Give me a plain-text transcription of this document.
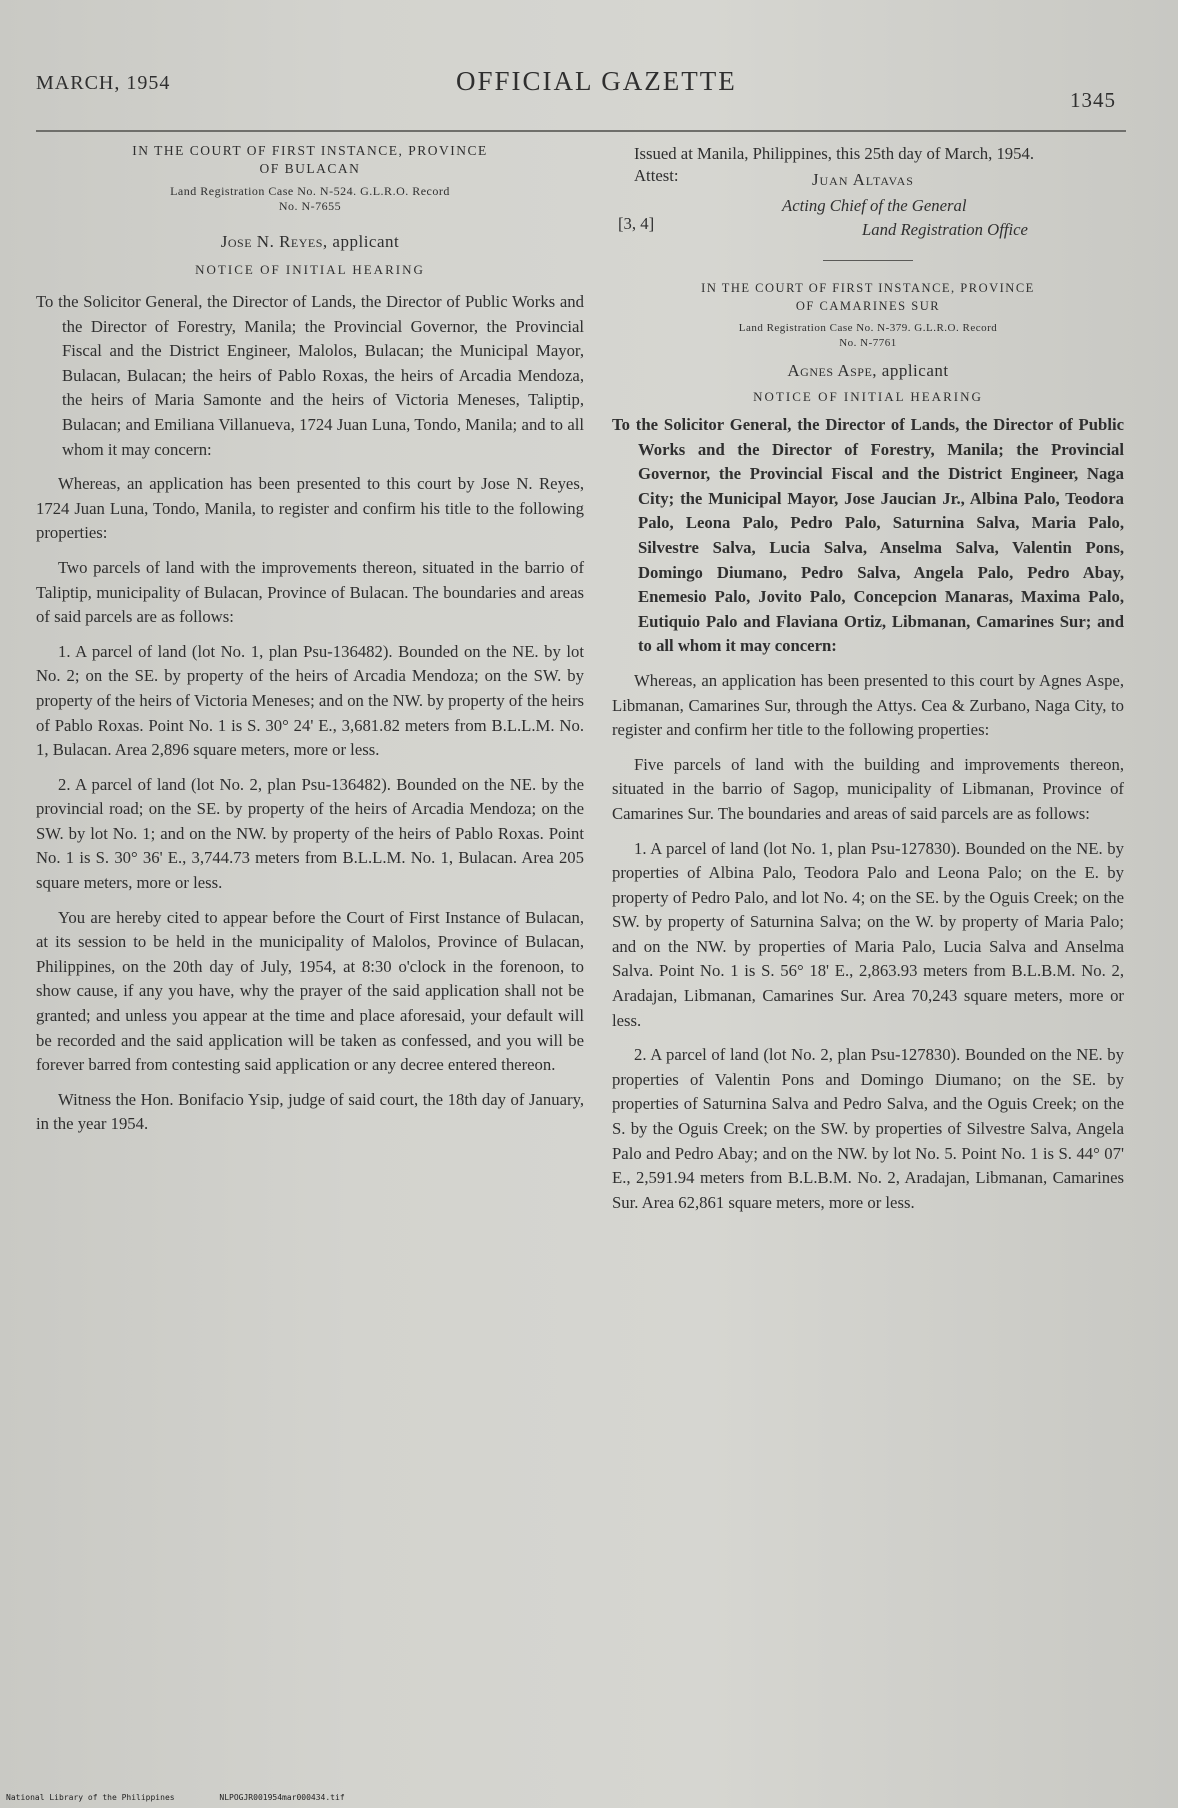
MARCH, 1954	OFFICIAL GAZETTE
1345

IN THE COURT OF FIRST INSTANCE, PROVINCE
OF BULACAN

Land Registration Case No. N-524. G.L.R.O. Record
No. N-7655

Jose N. Reyes, applicant

NOTICE OF INITIAL HEARING

To the Solicitor General, the Director of Lands, the Director of Public Works and the Director of Forestry, Manila; the Provincial Governor, the Provincial Fiscal and the District Engineer, Malolos, Bulacan; the Municipal Mayor, Bulacan, Bulacan; the heirs of Pablo Roxas, the heirs of Arcadia Mendoza, the heirs of Maria Samonte and the heirs of Victoria Meneses, Taliptip, Bulacan; and Emiliana Villanueva, 1724 Juan Luna, Tondo, Manila; and to all whom it may concern:

Whereas, an application has been presented to this court by Jose N. Reyes, 1724 Juan Luna, Tondo, Manila, to register and confirm his title to the following properties:

Two parcels of land with the improvements thereon, situated in the barrio of Taliptip, municipality of Bulacan, Province of Bulacan. The boundaries and areas of said parcels are as follows:

1. A parcel of land (lot No. 1, plan Psu-136482). Bounded on the NE. by lot No. 2; on the SE. by property of the heirs of Arcadia Mendoza; on the SW. by property of the heirs of Victoria Meneses; and on the NW. by property of the heirs of Pablo Roxas. Point No. 1 is S. 30° 24' E., 3,681.82 meters from B.L.L.M. No. 1, Bulacan. Area 2,896 square meters, more or less.

2. A parcel of land (lot No. 2, plan Psu-136482). Bounded on the NE. by the provincial road; on the SE. by property of the heirs of Arcadia Mendoza; on the SW. by lot No. 1; and on the NW. by property of the heirs of Pablo Roxas. Point No. 1 is S. 30° 36' E., 3,744.73 meters from B.L.L.M. No. 1, Bulacan. Area 205 square meters, more or less.

You are hereby cited to appear before the Court of First Instance of Bulacan, at its session to be held in the municipality of Malolos, Province of Bulacan, Philippines, on the 20th day of July, 1954, at 8:30 o'clock in the forenoon, to show cause, if any you have, why the prayer of the said application shall not be granted; and unless you appear at the time and place aforesaid, your default will be recorded and the said application will be taken as confessed, and you will be forever barred from contesting said application or any decree entered thereon.

Witness the Hon. Bonifacio Ysip, judge of said court, the 18th day of January, in the year 1954.

Issued at Manila, Philippines, this 25th day of March, 1954.

Attest:	Juan Altavas
[3, 4]
Acting Chief of the General
Land Registration Office

IN THE COURT OF FIRST INSTANCE, PROVINCE
OF CAMARINES SUR

Land Registration Case No. N-379. G.L.R.O. Record
No. N-7761

Agnes Aspe, applicant

NOTICE OF INITIAL HEARING

To the Solicitor General, the Director of Lands, the Director of Public Works and the Director of Forestry, Manila; the Provincial Governor, the Provincial Fiscal and the District Engineer, Naga City; the Municipal Mayor, Jose Jaucian Jr., Albina Palo, Teodora Palo, Leona Palo, Pedro Palo, Saturnina Salva, Maria Palo, Silvestre Salva, Lucia Salva, Anselma Salva, Valentin Pons, Domingo Diumano, Pedro Salva, Angela Palo, Pedro Abay, Enemesio Palo, Jovito Palo, Concepcion Manaras, Maxima Palo, Eutiquio Palo and Flaviana Ortiz, Libmanan, Camarines Sur; and to all whom it may concern:

Whereas, an application has been presented to this court by Agnes Aspe, Libmanan, Camarines Sur, through the Attys. Cea & Zurbano, Naga City, to register and confirm her title to the following properties:

Five parcels of land with the building and improvements thereon, situated in the barrio of Sagop, municipality of Libmanan, Province of Camarines Sur. The boundaries and areas of said parcels are as follows:

1. A parcel of land (lot No. 1, plan Psu-127830). Bounded on the NE. by properties of Albina Palo, Teodora Palo and Leona Palo; on the E. by property of Pedro Palo, and lot No. 4; on the SE. by the Oguis Creek; on the SW. by property of Saturnina Salva; on the W. by property of Maria Palo; and on the NW. by properties of Maria Palo, Lucia Salva and Anselma Salva. Point No. 1 is S. 56° 18' E., 2,863.93 meters from B.L.B.M. No. 2, Aradajan, Libmanan, Camarines Sur. Area 70,243 square meters, more or less.

2. A parcel of land (lot No. 2, plan Psu-127830). Bounded on the NE. by properties of Valentin Pons and Domingo Diumano; on the SE. by properties of Saturnina Salva and Pedro Salva, and the Oguis Creek; on the S. by the Oguis Creek; on the SW. by properties of Silvestre Salva, Angela Palo and Pedro Abay; and on the NW. by lot No. 5. Point No. 1 is S. 44° 07' E., 2,591.94 meters from B.L.B.M. No. 2, Aradajan, Libmanan, Camarines Sur. Area 62,861 square meters, more or less.

National Library of the Philippines	NLPOGJR001954mar000434.tif
